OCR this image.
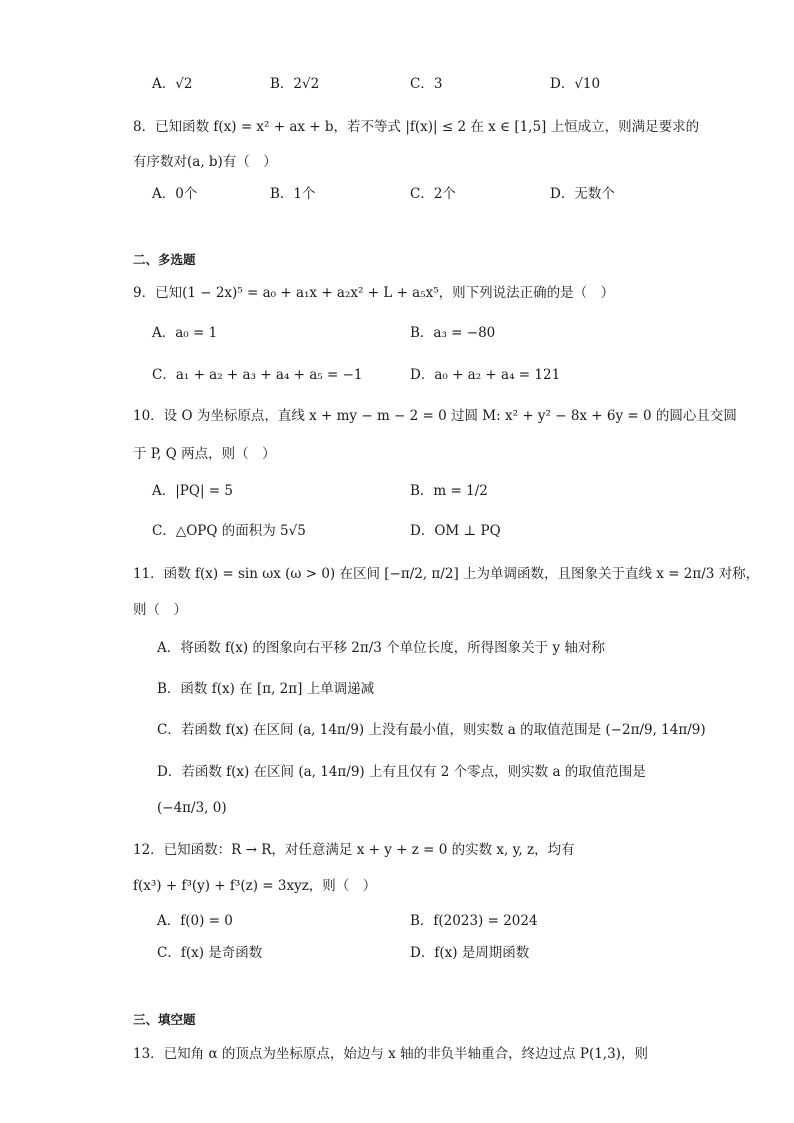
A．√2	B．2√2	C．3	D．√10
8．已知函数 f(x) = x² + ax + b，若不等式 |f(x)| ≤ 2 在 x ∈ [1,5] 上恒成立，则满足要求的
有序数对(a, b)有（　）
A．0个	B．1个	C．2个	D．无数个
二、多选题
9．已知(1 − 2x)⁵ = a₀ + a₁x + a₂x² + L + a₅x⁵，则下列说法正确的是（　）
A．a₀ = 1	B．a₃ = −80
C．a₁ + a₂ + a₃ + a₄ + a₅ = −1	D．a₀ + a₂ + a₄ = 121
10．设 O 为坐标原点，直线 x + my − m − 2 = 0 过圆 M: x² + y² − 8x + 6y = 0 的圆心且交圆
于 P, Q 两点，则（　）
A．|PQ| = 5	B．m = 1/2
C．△OPQ 的面积为 5√5	D．OM ⊥ PQ
11．函数 f(x) = sin ωx (ω > 0) 在区间 [−π/2, π/2] 上为单调函数，且图象关于直线 x = 2π/3 对称，
则（　）
A．将函数 f(x) 的图象向右平移 2π/3 个单位长度，所得图象关于 y 轴对称
B．函数 f(x) 在 [π, 2π] 上单调递减
C．若函数 f(x) 在区间 (a, 14π/9) 上没有最小值，则实数 a 的取值范围是 (−2π/9, 14π/9)
D．若函数 f(x) 在区间 (a, 14π/9) 上有且仅有 2 个零点，则实数 a 的取值范围是
(−4π/3, 0)
12．已知函数：R → R，对任意满足 x + y + z = 0 的实数 x, y, z，均有
f(x³) + f³(y) + f³(z) = 3xyz，则（　）
A．f(0) = 0	B．f(2023) = 2024
C．f(x) 是奇函数	D．f(x) 是周期函数
三、填空题
13．已知角 α 的顶点为坐标原点，始边与 x 轴的非负半轴重合，终边过点 P(1,3)，则
